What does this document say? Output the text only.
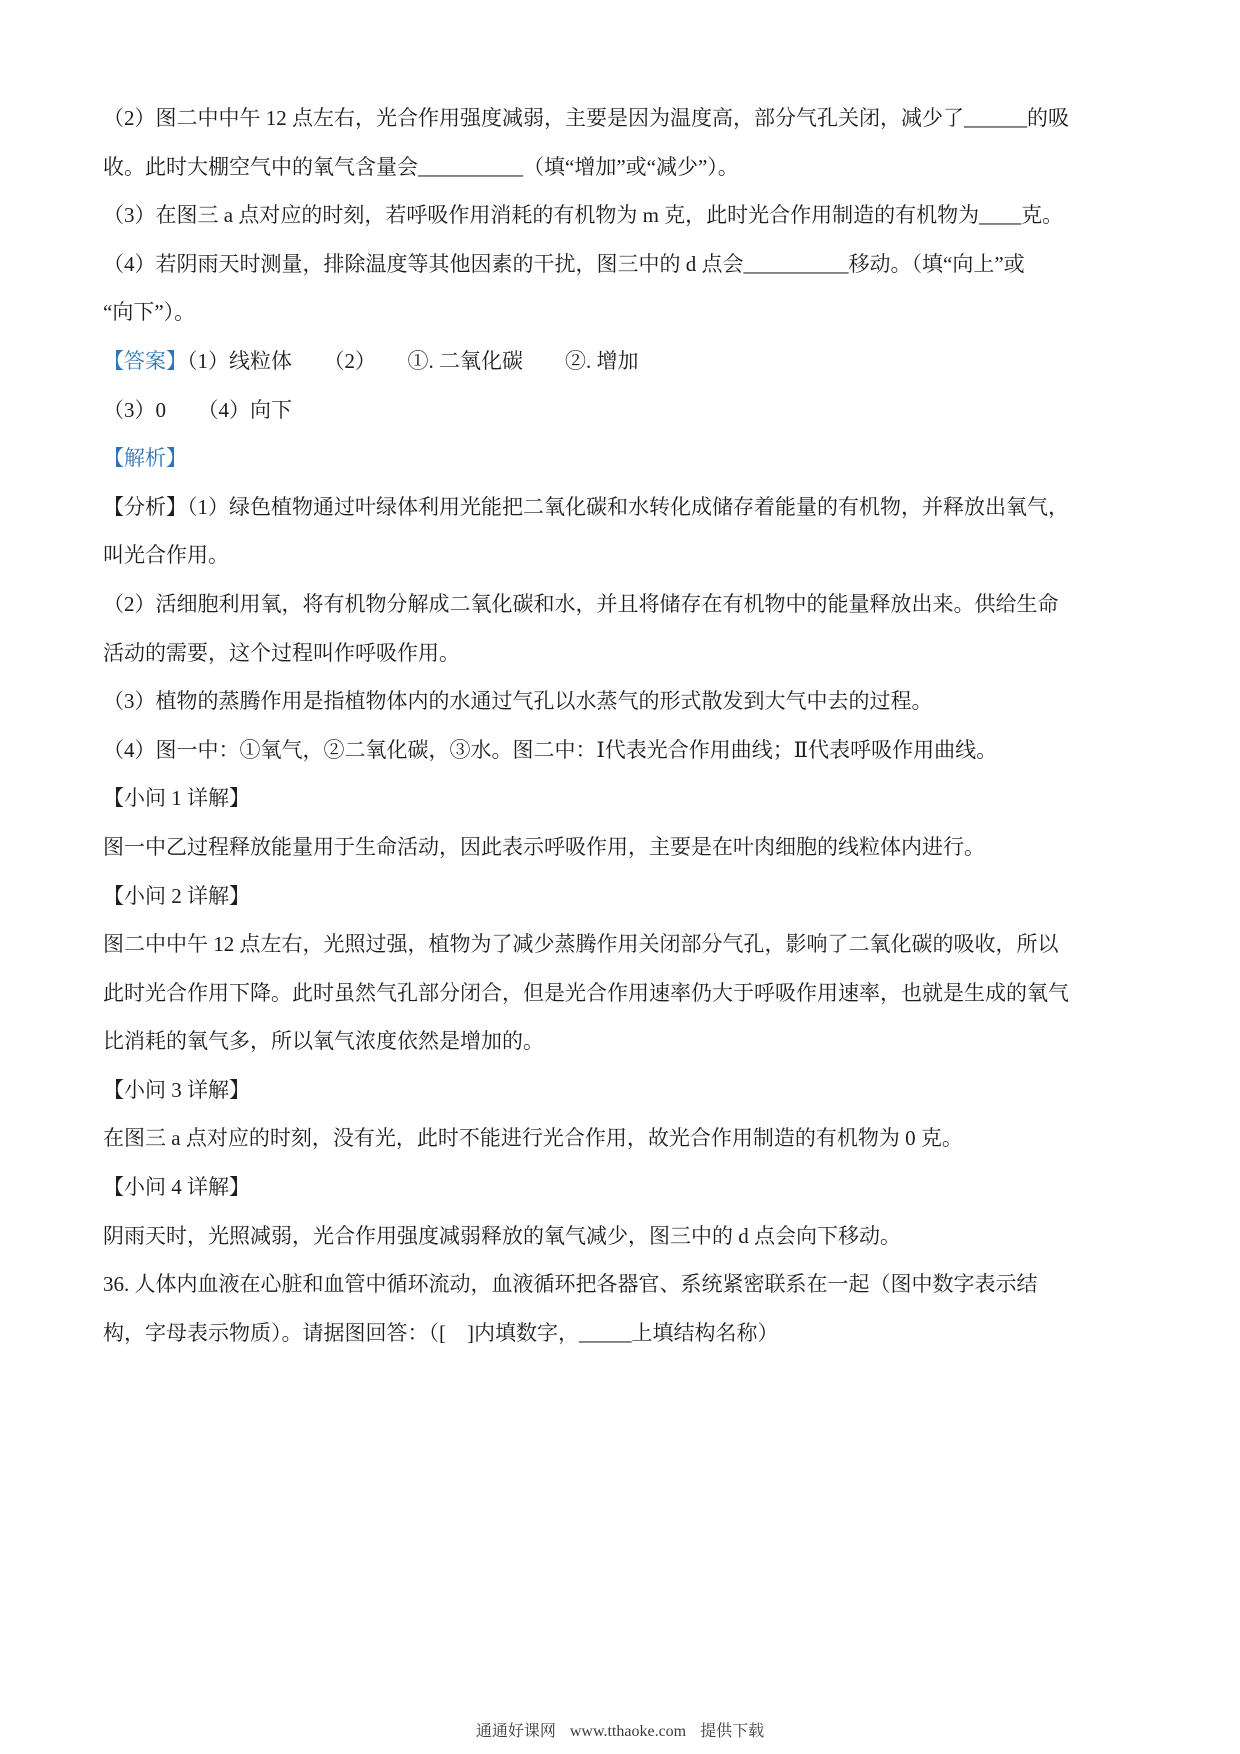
（2）图二中中午 12 点左右，光合作用强度减弱，主要是因为温度高，部分气孔关闭，减少了______的吸
收。此时大棚空气中的氧气含量会__________（填“增加”或“减少”）。
（3）在图三 a 点对应的时刻，若呼吸作用消耗的有机物为 m 克，此时光合作用制造的有机物为____克。
（4）若阴雨天时测量，排除温度等其他因素的干扰，图三中的 d 点会__________移动。（填“向上”或
“向下”）。
【答案】（1）线粒体　　（2）　　①. 二氧化碳　　②. 增加
（3）0　　（4）向下
【解析】
【分析】（1）绿色植物通过叶绿体利用光能把二氧化碳和水转化成储存着能量的有机物，并释放出氧气，
叫光合作用。
（2）活细胞利用氧，将有机物分解成二氧化碳和水，并且将储存在有机物中的能量释放出来。供给生命
活动的需要，这个过程叫作呼吸作用。
（3）植物的蒸腾作用是指植物体内的水通过气孔以水蒸气的形式散发到大气中去的过程。
（4）图一中：①氧气，②二氧化碳，③水。图二中：Ⅰ代表光合作用曲线；Ⅱ代表呼吸作用曲线。
【小问 1 详解】
图一中乙过程释放能量用于生命活动，因此表示呼吸作用，主要是在叶肉细胞的线粒体内进行。
【小问 2 详解】
图二中中午 12 点左右，光照过强，植物为了减少蒸腾作用关闭部分气孔，影响了二氧化碳的吸收，所以
此时光合作用下降。此时虽然气孔部分闭合，但是光合作用速率仍大于呼吸作用速率，也就是生成的氧气
比消耗的氧气多，所以氧气浓度依然是增加的。
【小问 3 详解】
在图三 a 点对应的时刻，没有光，此时不能进行光合作用，故光合作用制造的有机物为 0 克。
【小问 4 详解】
阴雨天时，光照减弱，光合作用强度减弱释放的氧气减少，图三中的 d 点会向下移动。
36. 人体内血液在心脏和血管中循环流动，血液循环把各器官、系统紧密联系在一起（图中数字表示结
构，字母表示物质）。请据图回答：（[　]内填数字，_____上填结构名称）
通通好课网 www.tthaoke.com 提供下载
